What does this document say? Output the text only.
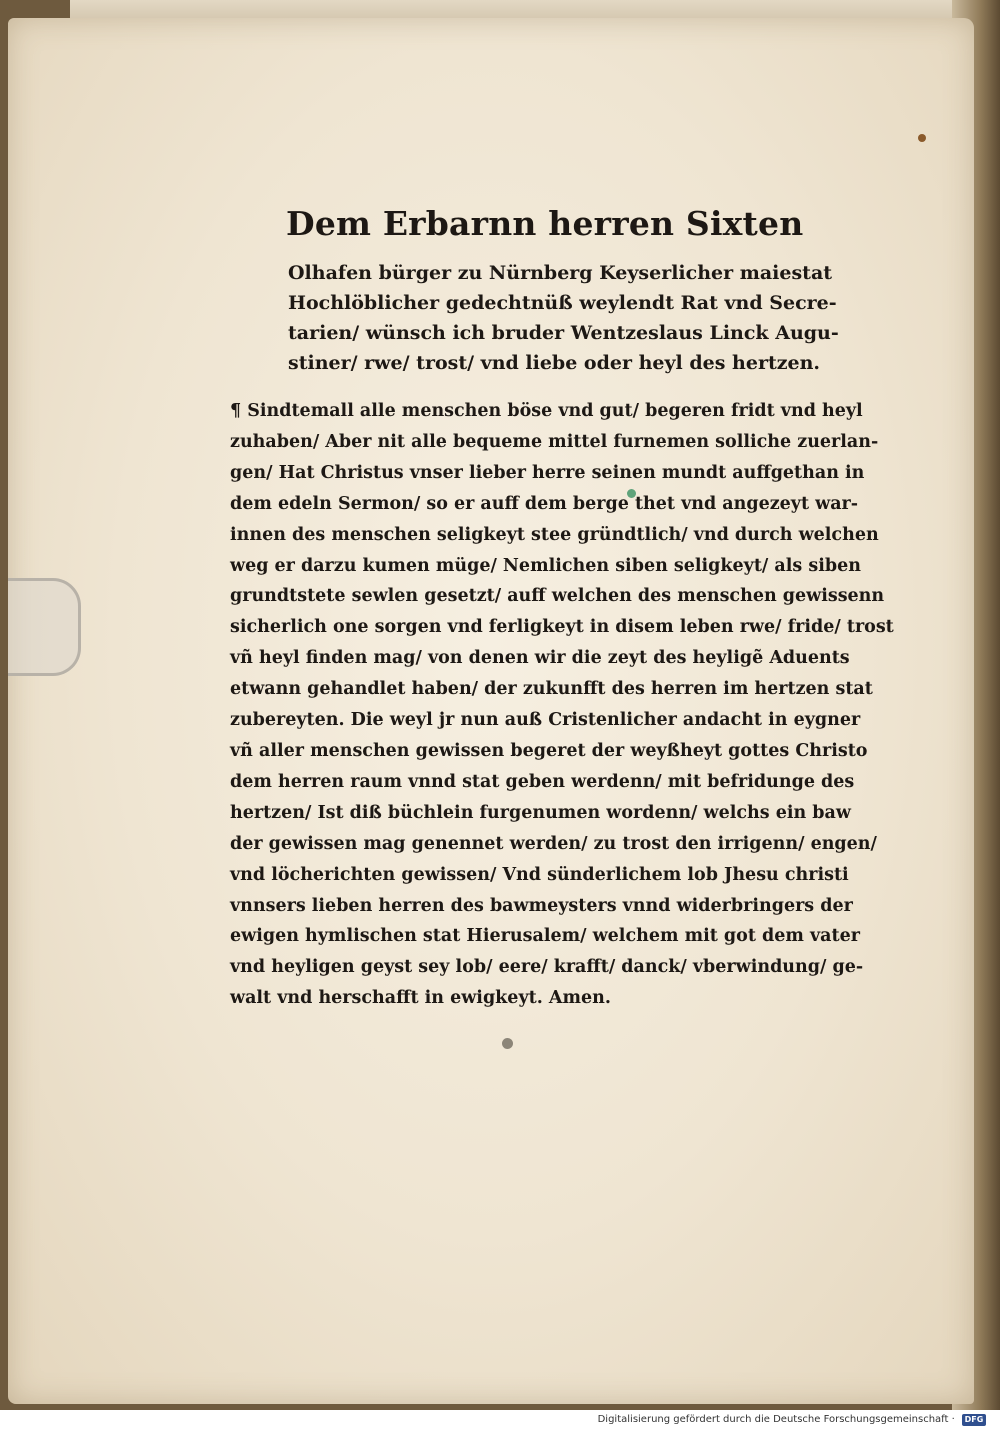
Dem Erbarnn herren Sixten
Olhafen bürger zu Nürnberg Keyserlicher maiestat
Hochlöblicher gedechtnüß weylendt Rat vnd Secre-
tarien/ wünsch ich bruder Wentzeslaus Linck Augu-
stiner/ rwe/ trost/ vnd liebe oder heyl des hertzen.
¶ Sindtemall alle menschen böse vnd gut/ begeren fridt vnd heyl
zuhaben/ Aber nit alle bequeme mittel furnemen solliche zuerlan-
gen/ Hat Christus vnser lieber herre seinen mundt auffgethan in
dem edeln Sermon/ so er auff dem berge thet vnd angezeyt war-
innen des menschen seligkeyt stee gründtlich/ vnd durch welchen
weg er darzu kumen müge/ Nemlichen siben seligkeyt/ als siben
grundtstete sewlen gesetzt/ auff welchen des menschen gewissenn
sicherlich one sorgen vnd ferligkeyt in disem leben rwe/ fride/ trost
vñ heyl finden mag/ von denen wir die zeyt des heyligẽ Aduents
etwann gehandlet haben/ der zukunfft des herren im hertzen stat
zubereyten. Die weyl jr nun auß Cristenlicher andacht in eygner
vñ aller menschen gewissen begeret der weyßheyt gottes Christo
dem herren raum vnnd stat geben werdenn/ mit befridunge des
hertzen/ Ist diß büchlein furgenumen wordenn/ welchs ein baw
der gewissen mag genennet werden/ zu trost den irrigenn/ engen/
vnd löcherichten gewissen/ Vnd sünderlichem lob Jhesu christi
vnnsers lieben herren des bawmeysters vnnd widerbringers der
ewigen hymlischen stat Hierusalem/ welchem mit got dem vater
vnd heyligen geyst sey lob/ eere/ krafft/ danck/ vberwindung/ ge-
walt vnd herschafft in ewigkeyt. Amen.
Digitalisierung gefördert durch die Deutsche Forschungsgemeinschaft · DFG
